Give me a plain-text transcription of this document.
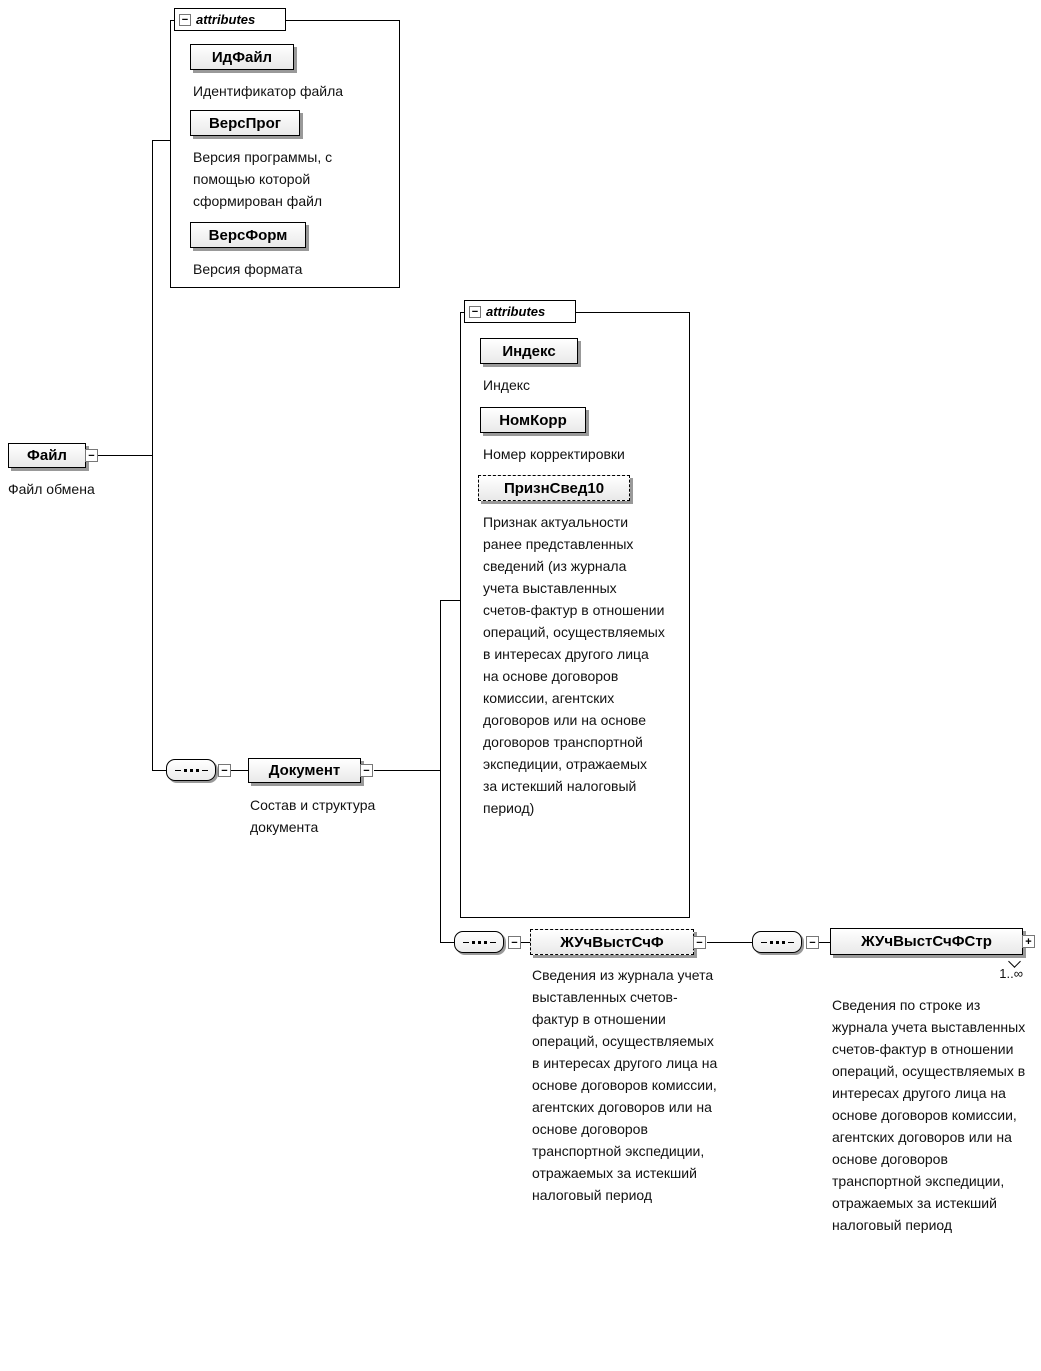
− attributes
ИдФайл
Идентификатор файла
ВерсПрог
Версия программы, с помощью которой сформирован файл
ВерсФорм
Версия формата
Файл	−
Файл обмена
−	Документ	−
Состав и структура документа
− attributes
Индекс
Индекс
НомКорр
Номер корректировки
ПризнСвед10
Признак актуальности ранее представленных сведений (из журнала учета выставленных счетов-фактур в отношении операций, осуществляемых в интересах другого лица на основе договоров комиссии, агентских договоров или на основе договоров транспортной экспедиции, отражаемых за истекший налоговый период)
−	ЖУчВыстСчФ	−
Сведения из журнала учета выставленных счетов-фактур в отношении операций, осуществляемых в интересах другого лица на основе договоров комиссии, агентских договоров или на основе договоров транспортной экспедиции, отражаемых за истекший налоговый период
−	ЖУчВыстСчФСтр	+
1..∞
Сведения по строке из журнала учета выставленных счетов-фактур в отношении операций, осуществляемых в интересах другого лица на основе договоров комиссии, агентских договоров или на основе договоров транспортной экспедиции, отражаемых за истекший налоговый период
